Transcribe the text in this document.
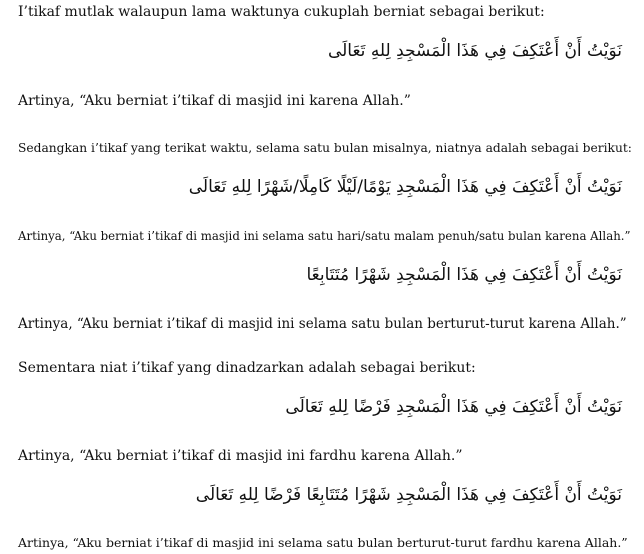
I’tikaf mutlak walaupun lama waktunya cukuplah berniat sebagai berikut:

نَوَيْتُ أَنْ أَعْتَكِفَ فِي هَذَا الْمَسْجِدِ لِلهِ تَعَالَى

Artinya, “Aku berniat i’tikaf di masjid ini karena Allah.”

Sedangkan i’tikaf yang terikat waktu, selama satu bulan misalnya, niatnya adalah sebagai berikut:

نَوَيْتُ أَنْ أَعْتَكِفَ فِي هَذَا الْمَسْجِدِ يَوْمًا/لَيْلًا كَامِلًا/شَهْرًا لِلهِ تَعَالَى

Artinya, “Aku berniat i’tikaf di masjid ini selama satu hari/satu malam penuh/satu bulan karena Allah.”

نَوَيْتُ أَنْ أَعْتَكِفَ فِي هَذَا الْمَسْجِدِ شَهْرًا مُتَتَابِعًا

Artinya, “Aku berniat i’tikaf di masjid ini selama satu bulan berturut-turut karena Allah.”

Sementara niat i’tikaf yang dinadzarkan adalah sebagai berikut:

نَوَيْتُ أَنْ أَعْتَكِفَ فِي هَذَا الْمَسْجِدِ فَرْضًا لِلهِ تَعَالَى

Artinya, “Aku berniat i’tikaf di masjid ini fardhu karena Allah.”

نَوَيْتُ أَنْ أَعْتَكِفَ فِي هَذَا الْمَسْجِدِ شَهْرًا مُتَتَابِعًا فَرْضًا لِلهِ تَعَالَى

Artinya, “Aku berniat i’tikaf di masjid ini selama satu bulan berturut-turut fardhu karena Allah.”
